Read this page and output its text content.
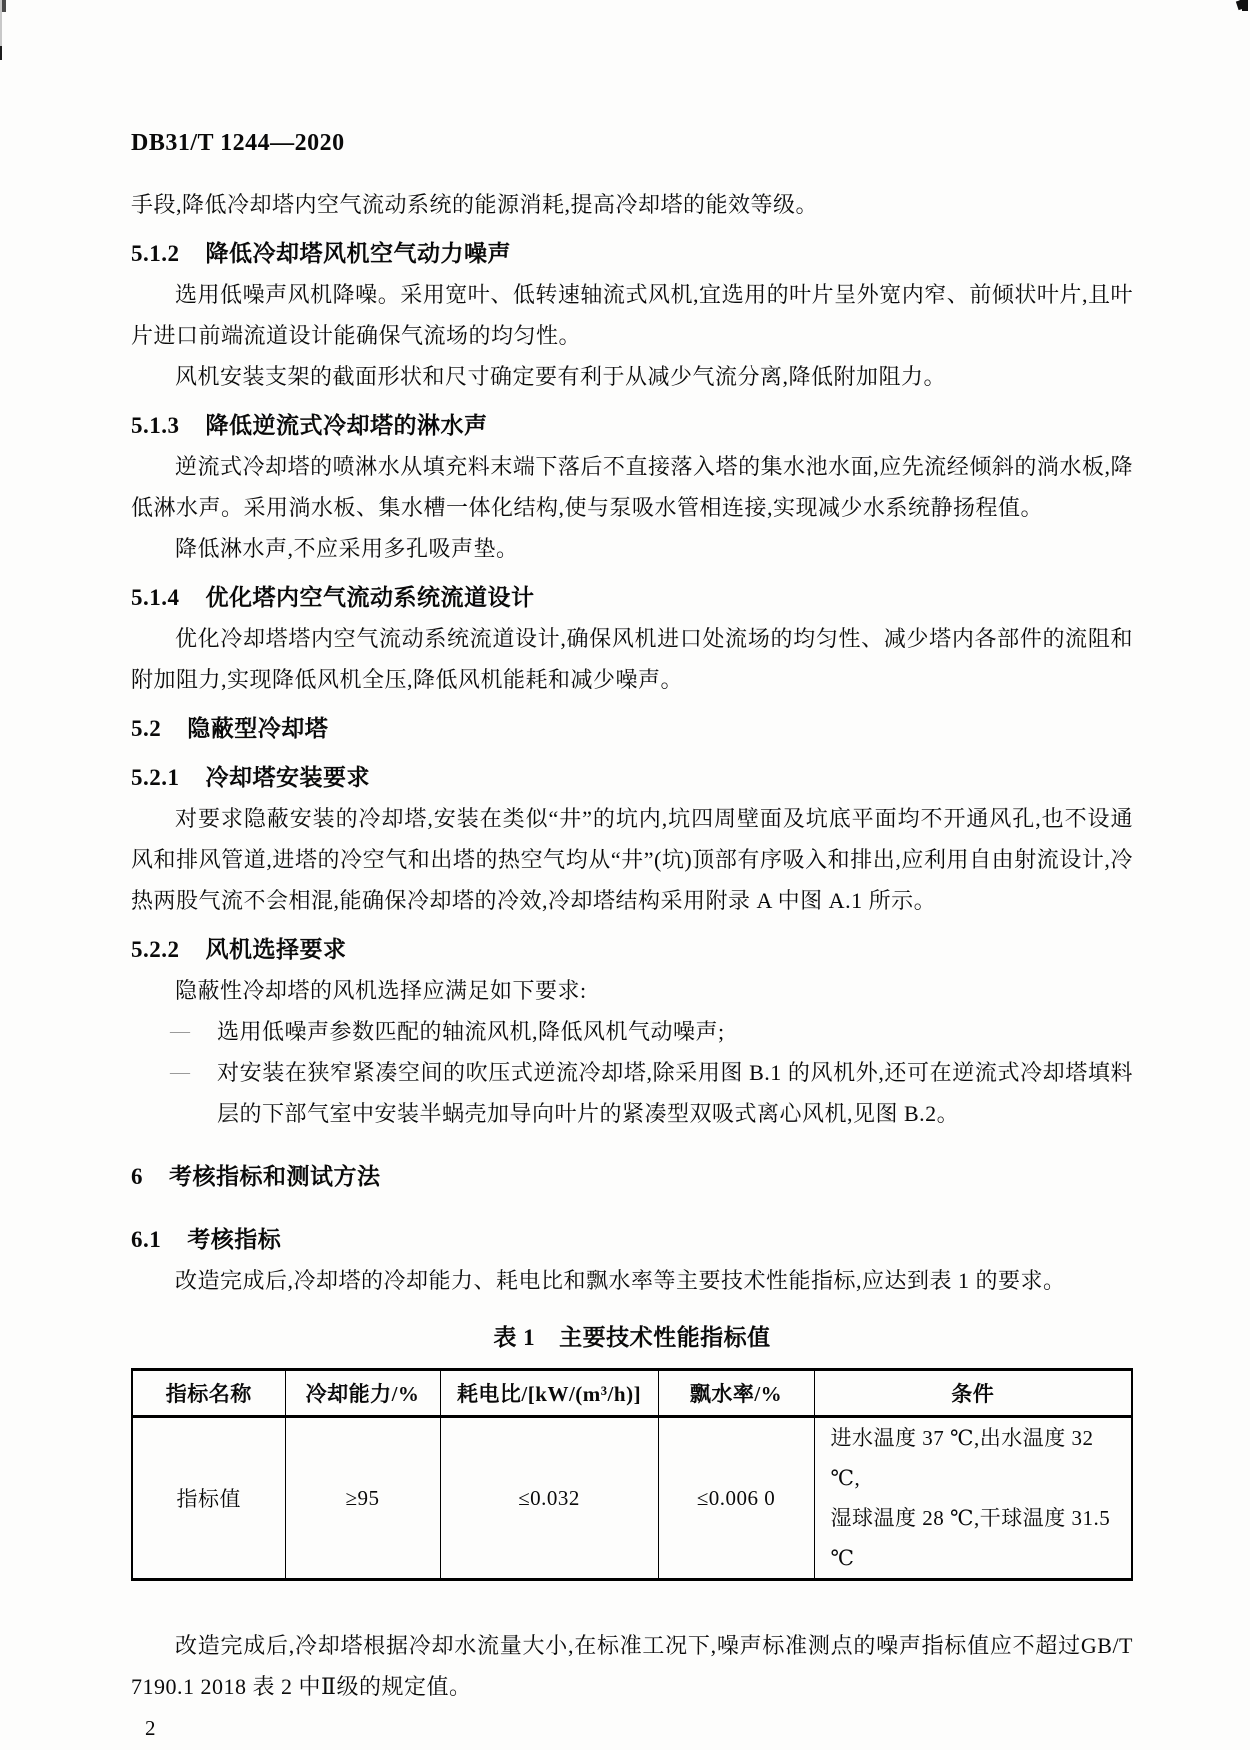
DB31/T 1244—2020

手段,降低冷却塔内空气流动系统的能源消耗,提高冷却塔的能效等级。

5.1.2 降低冷却塔风机空气动力噪声

选用低噪声风机降噪。采用宽叶、低转速轴流式风机,宜选用的叶片呈外宽内窄、前倾状叶片,且叶片进口前端流道设计能确保气流场的均匀性。

风机安装支架的截面形状和尺寸确定要有利于从减少气流分离,降低附加阻力。

5.1.3 降低逆流式冷却塔的淋水声

逆流式冷却塔的喷淋水从填充料末端下落后不直接落入塔的集水池水面,应先流经倾斜的淌水板,降低淋水声。采用淌水板、集水槽一体化结构,使与泵吸水管相连接,实现减少水系统静扬程值。

降低淋水声,不应采用多孔吸声垫。

5.1.4 优化塔内空气流动系统流道设计

优化冷却塔塔内空气流动系统流道设计,确保风机进口处流场的均匀性、减少塔内各部件的流阻和附加阻力,实现降低风机全压,降低风机能耗和减少噪声。

5.2 隐蔽型冷却塔
5.2.1 冷却塔安装要求

对要求隐蔽安装的冷却塔,安装在类似“井”的坑内,坑四周壁面及坑底平面均不开通风孔,也不设通风和排风管道,进塔的冷空气和出塔的热空气均从“井”(坑)顶部有序吸入和排出,应利用自由射流设计,冷热两股气流不会相混,能确保冷却塔的冷效,冷却塔结构采用附录 A 中图 A.1 所示。

5.2.2 风机选择要求

隐蔽性冷却塔的风机选择应满足如下要求:

— 选用低噪声参数匹配的轴流风机,降低风机气动噪声;
— 对安装在狭窄紧凑空间的吹压式逆流冷却塔,除采用图 B.1 的风机外,还可在逆流式冷却塔填料层的下部气室中安装半蜗壳加导向叶片的紧凑型双吸式离心风机,见图 B.2。
6 考核指标和测试方法
6.1 考核指标

改造完成后,冷却塔的冷却能力、耗电比和飘水率等主要技术性能指标,应达到表 1 的要求。

表 1 主要技术性能指标值
指标名称	冷却能力/%	耗电比/[kW/(m³/h)]	飘水率/%	条件
指标值	≥95	≤0.032	≤0.006 0	进水温度 37 ℃,出水温度 32 ℃,
湿球温度 28 ℃,干球温度 31.5 ℃

改造完成后,冷却塔根据冷却水流量大小,在标准工况下,噪声标准测点的噪声指标值应不超过GB/T 7190.1 2018 表 2 中Ⅱ级的规定值。

2
